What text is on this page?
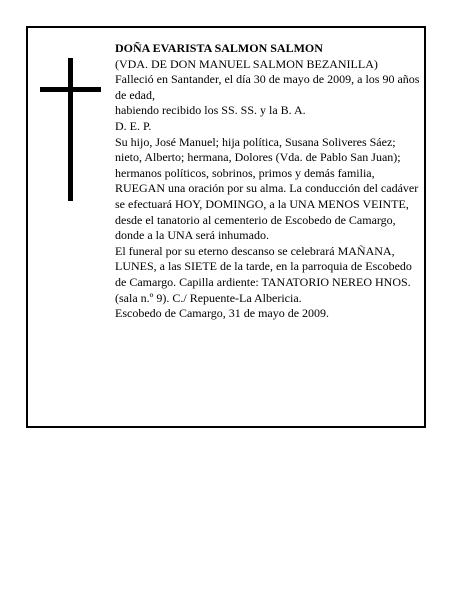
DOÑA EVARISTA SALMON SALMON

(VDA. DE DON MANUEL SALMON BEZANILLA)

Falleció en Santander, el día 30 de mayo de 2009, a los 90 años de edad,

habiendo recibido los SS. SS. y la B. A.

D. E. P.

Su hijo, José Manuel; hija política, Susana Soliveres Sáez; nieto, Alberto; hermana, Dolores (Vda. de Pablo San Juan); hermanos políticos, sobrinos, primos y demás familia,

RUEGAN una oración por su alma. La conducción del cadáver se efectuará HOY, DOMINGO, a la UNA MENOS VEINTE, desde el tanatorio al cementerio de Escobedo de Camargo, donde a la UNA será inhumado.

El funeral por su eterno descanso se celebrará MAÑANA, LUNES, a las SIETE de la tarde, en la parroquia de Escobedo de Camargo. Capilla ardiente: TANATORIO NEREO HNOS. (sala n.º 9). C./ Repuente-La Albericia.

Escobedo de Camargo, 31 de mayo de 2009.
